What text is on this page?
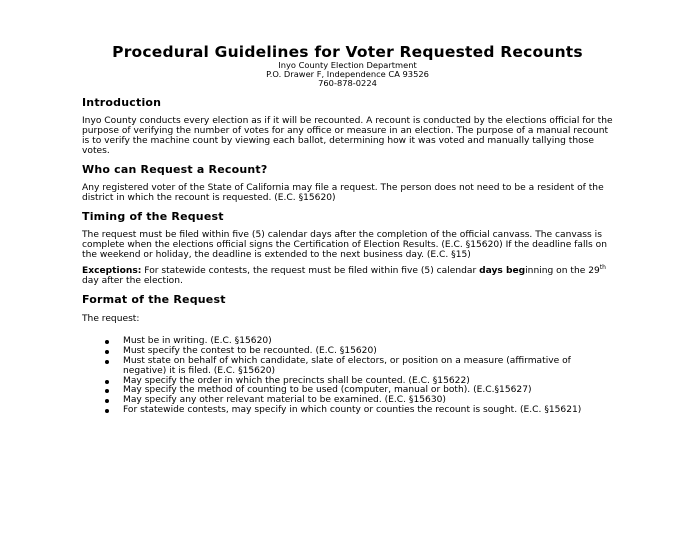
Procedural Guidelines for Voter Requested Recounts
Inyo County Election Department
P.O. Drawer F, Independence CA 93526
760-878-0224
Introduction

Inyo County conducts every election as if it will be recounted. A recount is conducted by the elections official for the purpose of verifying the number of votes for any office or measure in an election. The purpose of a manual recount is to verify the machine count by viewing each ballot, determining how it was voted and manually tallying those votes.

Who can Request a Recount?

Any registered voter of the State of California may file a request. The person does not need to be a resident of the district in which the recount is requested. (E.C. §15620)

Timing of the Request

The request must be filed within five (5) calendar days after the completion of the official canvass. The canvass is complete when the elections official signs the Certification of Election Results. (E.C. §15620) If the deadline falls on the weekend or holiday, the deadline is extended to the next business day. (E.C. §15)

Exceptions: For statewide contests, the request must be filed within five (5) calendar days beginning on the 29th day after the election.

Format of the Request

The request:

Must be in writing. (E.C. §15620)
Must specify the contest to be recounted. (E.C. §15620)
Must state on behalf of which candidate, slate of electors, or position on a measure (affirmative of negative) it is filed. (E.C. §15620)
May specify the order in which the precincts shall be counted. (E.C. §15622)
May specify the method of counting to be used (computer, manual or both). (E.C.§15627)
May specify any other relevant material to be examined. (E.C. §15630)
For statewide contests, may specify in which county or counties the recount is sought. (E.C. §15621)
